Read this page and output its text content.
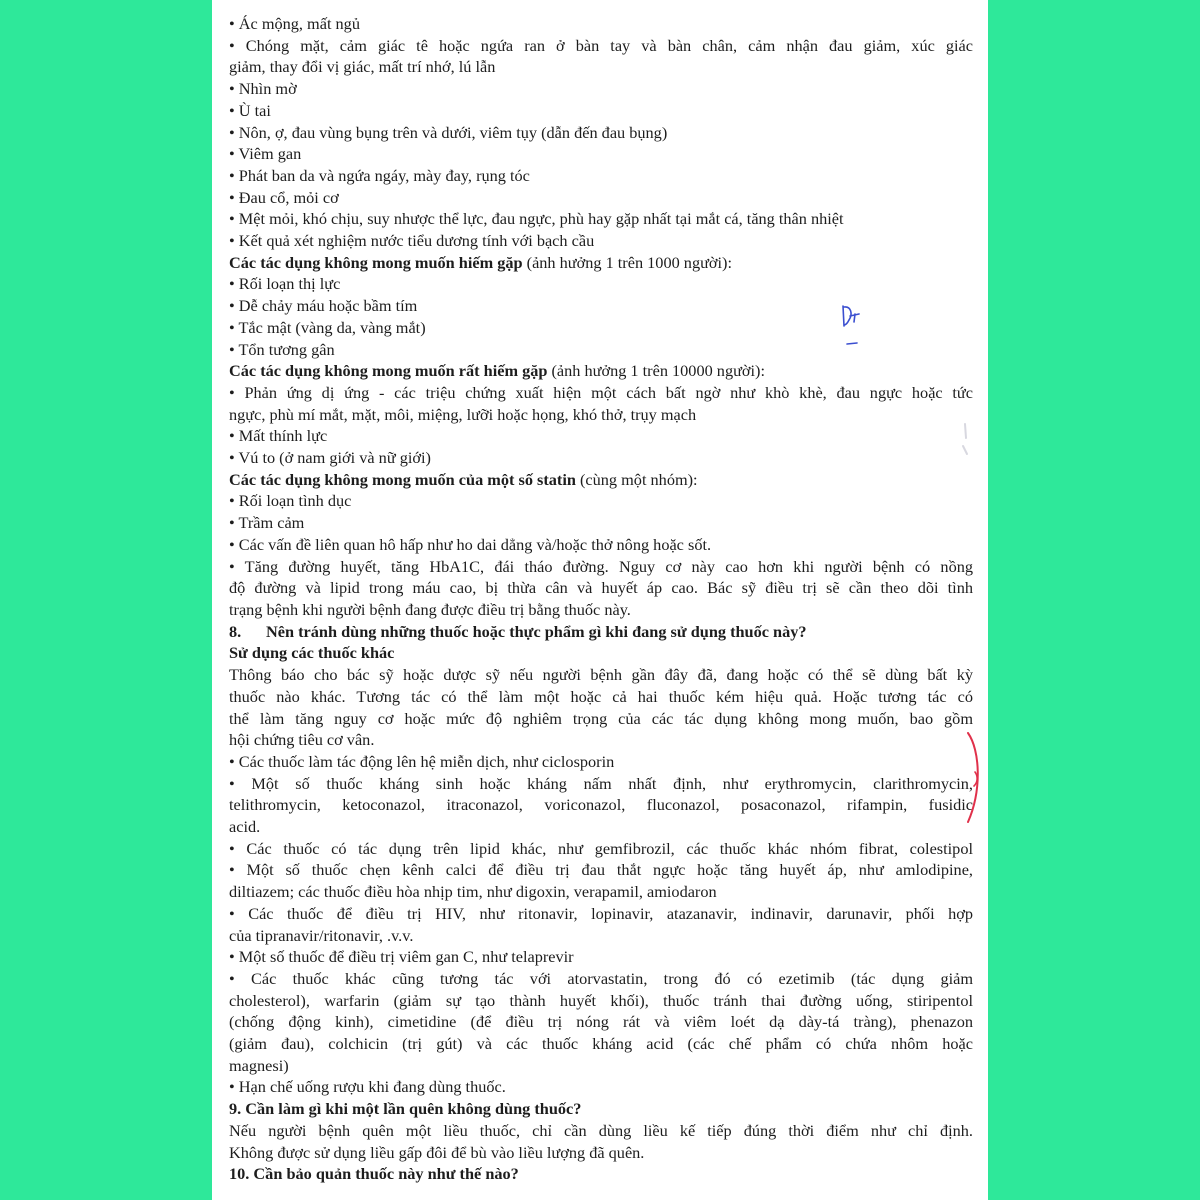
• Ác mộng, mất ngủ
• Chóng mặt, cảm giác tê hoặc ngứa ran ở bàn tay và bàn chân, cảm nhận đau giảm, xúc giác
giảm, thay đổi vị giác, mất trí nhớ, lú lẫn
• Nhìn mờ
• Ù tai
• Nôn, ợ, đau vùng bụng trên và dưới, viêm tụy (dẫn đến đau bụng)
• Viêm gan
• Phát ban da và ngứa ngáy, mày đay, rụng tóc
• Đau cổ, mỏi cơ
• Mệt mỏi, khó chịu, suy nhược thể lực, đau ngực, phù hay gặp nhất tại mắt cá, tăng thân nhiệt
• Kết quả xét nghiệm nước tiểu dương tính với bạch cầu
Các tác dụng không mong muốn hiếm gặp (ảnh hưởng 1 trên 1000 người):
• Rối loạn thị lực
• Dễ chảy máu hoặc bầm tím
• Tắc mật (vàng da, vàng mắt)
• Tổn tương gân
Các tác dụng không mong muốn rất hiếm gặp (ảnh hưởng 1 trên 10000 người):
• Phản ứng dị ứng - các triệu chứng xuất hiện một cách bất ngờ như khò khè, đau ngực hoặc tức
ngực, phù mí mắt, mặt, môi, miệng, lưỡi hoặc họng, khó thở, trụy mạch
• Mất thính lực
• Vú to (ở nam giới và nữ giới)
Các tác dụng không mong muốn của một số statin (cùng một nhóm):
• Rối loạn tình dục
• Trầm cảm
• Các vấn đề liên quan hô hấp như ho dai dẳng và/hoặc thở nông hoặc sốt.
• Tăng đường huyết, tăng HbA1C, đái tháo đường. Nguy cơ này cao hơn khi người bệnh có nồng
độ đường và lipid trong máu cao, bị thừa cân và huyết áp cao. Bác sỹ điều trị sẽ cần theo dõi tình
trạng bệnh khi người bệnh đang được điều trị bằng thuốc này.
8. Nên tránh dùng những thuốc hoặc thực phẩm gì khi đang sử dụng thuốc này?
Sử dụng các thuốc khác
Thông báo cho bác sỹ hoặc dược sỹ nếu người bệnh gần đây đã, đang hoặc có thể sẽ dùng bất kỳ
thuốc nào khác. Tương tác có thể làm một hoặc cả hai thuốc kém hiệu quả. Hoặc tương tác có
thể làm tăng nguy cơ hoặc mức độ nghiêm trọng của các tác dụng không mong muốn, bao gồm
hội chứng tiêu cơ vân.
• Các thuốc làm tác động lên hệ miễn dịch, như ciclosporin
• Một số thuốc kháng sinh hoặc kháng nấm nhất định, như erythromycin, clarithromycin,
telithromycin, ketoconazol, itraconazol, voriconazol, fluconazol, posaconazol, rifampin, fusidic
acid.
• Các thuốc có tác dụng trên lipid khác, như gemfibrozil, các thuốc khác nhóm fibrat, colestipol
• Một số thuốc chẹn kênh calci để điều trị đau thắt ngực hoặc tăng huyết áp, như amlodipine,
diltiazem; các thuốc điều hòa nhịp tim, như digoxin, verapamil, amiodaron
• Các thuốc để điều trị HIV, như ritonavir, lopinavir, atazanavir, indinavir, darunavir, phối hợp
của tipranavir/ritonavir, .v.v.
• Một số thuốc để điều trị viêm gan C, như telaprevir
• Các thuốc khác cũng tương tác với atorvastatin, trong đó có ezetimib (tác dụng giảm
cholesterol), warfarin (giảm sự tạo thành huyết khối), thuốc tránh thai đường uống, stiripentol
(chống động kinh), cimetidine (để điều trị nóng rát và viêm loét dạ dày-tá tràng), phenazon
(giảm đau), colchicin (trị gút) và các thuốc kháng acid (các chế phẩm có chứa nhôm hoặc
magnesi)
• Hạn chế uống rượu khi đang dùng thuốc.
9. Cần làm gì khi một lần quên không dùng thuốc?
Nếu người bệnh quên một liều thuốc, chỉ cần dùng liều kế tiếp đúng thời điểm như chỉ định.
Không được sử dụng liều gấp đôi để bù vào liều lượng đã quên.
10. Cần bảo quản thuốc này như thế nào?
